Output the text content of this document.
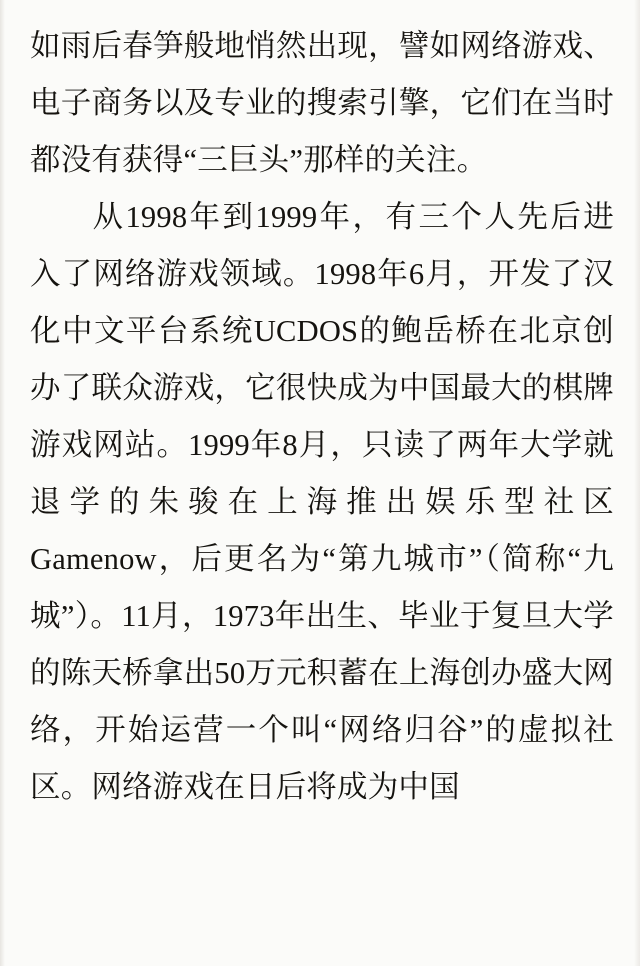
如雨后春笋般地悄然出现，譬如网络游戏、电子商务以及专业的搜索引擎，它们在当时都没有获得“三巨头”那样的关注。

从1998年到1999年，有三个人先后进入了网络游戏领域。1998年6月，开发了汉化中文平台系统UCDOS的鲍岳桥在北京创办了联众游戏，它很快成为中国最大的棋牌游戏网站。1999年8月，只读了两年大学就退学的朱骏在上海推出娱乐型社区Gamenow，后更名为“第九城市”（简称“九城”）。11月，1973年出生、毕业于复旦大学的陈天桥拿出50万元积蓄在上海创办盛大网络，开始运营一个叫“网络归谷”的虚拟社区。网络游戏在日后将成为中国
